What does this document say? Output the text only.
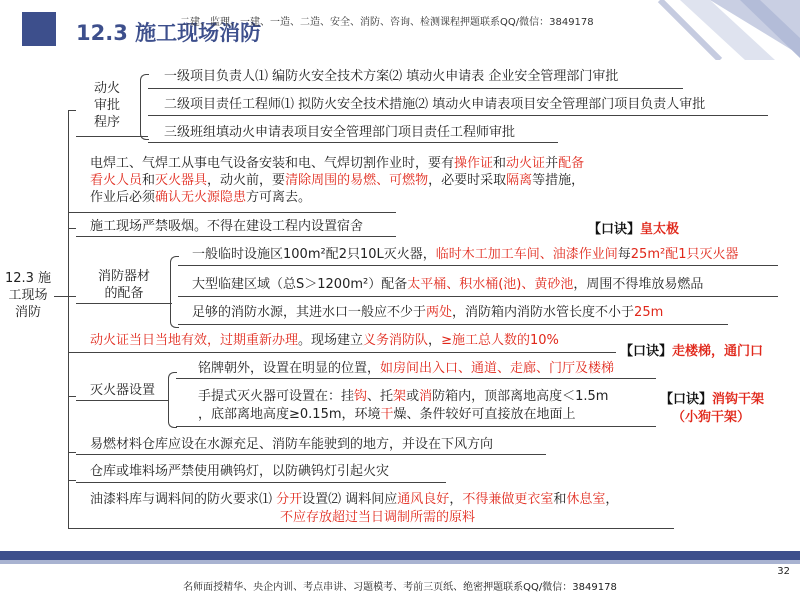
12.3 施工现场消防
二建、监理、一建、一造、二造、安全、消防、咨询、检测课程押题联系QQ/微信：3849178
12.3 施
工现场
消防
动火
审批
程序
一级项目负责人⑴ 编防火安全技术方案⑵ 填动火申请表 企业安全管理部门审批
二级项目责任工程师⑴ 拟防火安全技术措施⑵ 填动火申请表项目安全管理部门项目负责人审批
三级班组填动火申请表项目安全管理部门项目责任工程师审批
电焊工、气焊工从事电气设备安装和电、气焊切割作业时，要有操作证和动火证并配备
看火人员和灭火器具，动火前，要清除周围的易燃、可燃物，必要时采取隔离等措施，
作业后必须确认无火源隐患方可离去。
施工现场严禁吸烟。不得在建设工程内设置宿舍	【口诀】皇太极
消防器材
的配备
一般临时设施区100m²配2只10L灭火器，临时木工加工车间、油漆作业间每25m²配1只灭火器
大型临建区域（总S＞1200m²）配备太平桶、积水桶(池)、黄砂池，周围不得堆放易燃品
足够的消防水源，其进水口一般应不少于两处，消防箱内消防水管长度不小于25m
动火证当日当地有效，过期重新办理。现场建立义务消防队，≥施工总人数的10%
【口诀】走楼梯，通门口
灭火器设置
铭牌朝外，设置在明显的位置，如房间出入口、通道、走廊、门厅及楼梯
手提式灭火器可设置在：挂钩、托架或消防箱内，顶部离地高度＜1.5m
，底部离地高度≥0.15m，环境干燥、条件较好可直接放在地面上
【口诀】消钩干架
（小狗干架）
易燃材料仓库应设在水源充足、消防车能驶到的地方，并设在下风方向
仓库或堆料场严禁使用碘钨灯，以防碘钨灯引起火灾
油漆料库与调料间的防火要求⑴ 分开设置⑵ 调料间应通风良好，不得兼做更衣室和休息室，
不应存放超过当日调制所需的原料
32
名师面授精华、央企内训、考点串讲、习题模考、考前三页纸、绝密押题联系QQ/微信：3849178
